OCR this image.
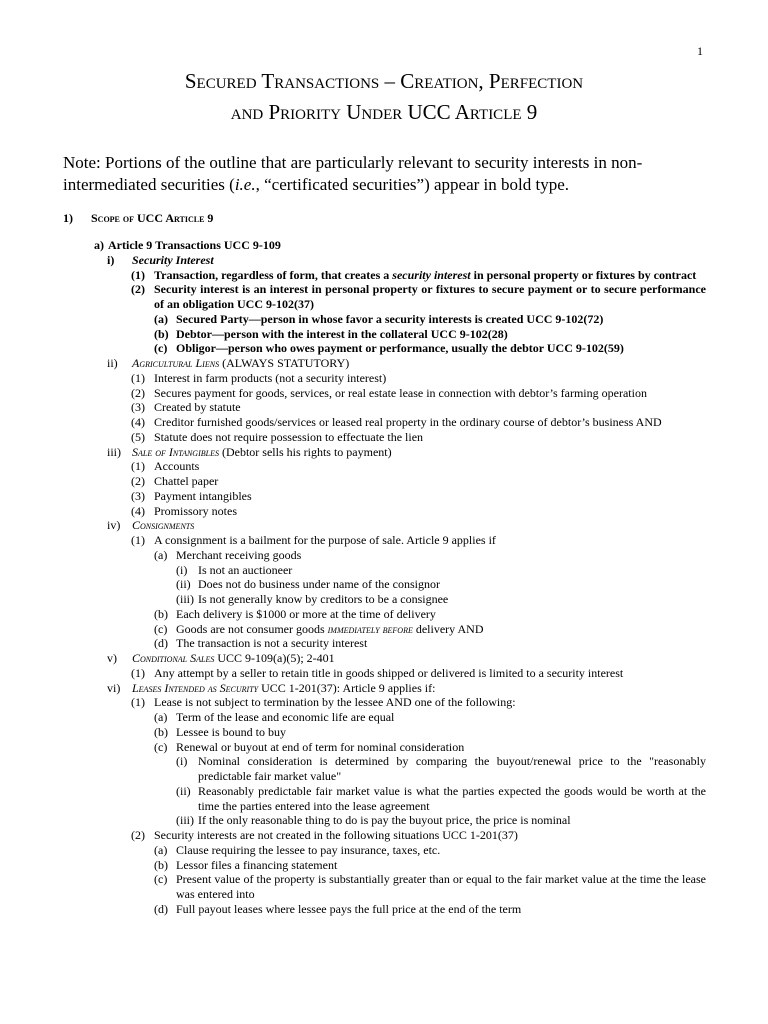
1
Secured Transactions – Creation, Perfection
and Priority Under UCC Article 9
Note: Portions of the outline that are particularly relevant to security interests in non-intermediated securities (i.e., “certificated securities”) appear in bold type.
1) Scope of UCC Article 9
a) Article 9 Transactions UCC 9-109
i) Security Interest
(1) Transaction, regardless of form, that creates a security interest in personal property or fixtures by contract
(2) Security interest is an interest in personal property or fixtures to secure payment or to secure performance of an obligation UCC 9-102(37)
(a) Secured Party—person in whose favor a security interests is created UCC 9-102(72)
(b) Debtor—person with the interest in the collateral UCC 9-102(28)
(c) Obligor—person who owes payment or performance, usually the debtor UCC 9-102(59)
ii) Agricultural Liens (ALWAYS STATUTORY)
(1) Interest in farm products (not a security interest)
(2) Secures payment for goods, services, or real estate lease in connection with debtor’s farming operation
(3) Created by statute
(4) Creditor furnished goods/services or leased real property in the ordinary course of debtor’s business AND
(5) Statute does not require possession to effectuate the lien
iii) Sale of Intangibles (Debtor sells his rights to payment)
(1) Accounts
(2) Chattel paper
(3) Payment intangibles
(4) Promissory notes
iv) Consignments
(1) A consignment is a bailment for the purpose of sale. Article 9 applies if
(a) Merchant receiving goods
(i) Is not an auctioneer
(ii) Does not do business under name of the consignor
(iii) Is not generally know by creditors to be a consignee
(b) Each delivery is $1000 or more at the time of delivery
(c) Goods are not consumer goods immediately before delivery AND
(d) The transaction is not a security interest
v) Conditional Sales UCC 9-109(a)(5); 2-401
(1) Any attempt by a seller to retain title in goods shipped or delivered is limited to a security interest
vi) Leases Intended as Security UCC 1-201(37): Article 9 applies if:
(1) Lease is not subject to termination by the lessee AND one of the following:
(a) Term of the lease and economic life are equal
(b) Lessee is bound to buy
(c) Renewal or buyout at end of term for nominal consideration
(i) Nominal consideration is determined by comparing the buyout/renewal price to the "reasonably predictable fair market value"
(ii) Reasonably predictable fair market value is what the parties expected the goods would be worth at the time the parties entered into the lease agreement
(iii) If the only reasonable thing to do is pay the buyout price, the price is nominal
(2) Security interests are not created in the following situations UCC 1-201(37)
(a) Clause requiring the lessee to pay insurance, taxes, etc.
(b) Lessor files a financing statement
(c) Present value of the property is substantially greater than or equal to the fair market value at the time the lease was entered into
(d) Full payout leases where lessee pays the full price at the end of the term
